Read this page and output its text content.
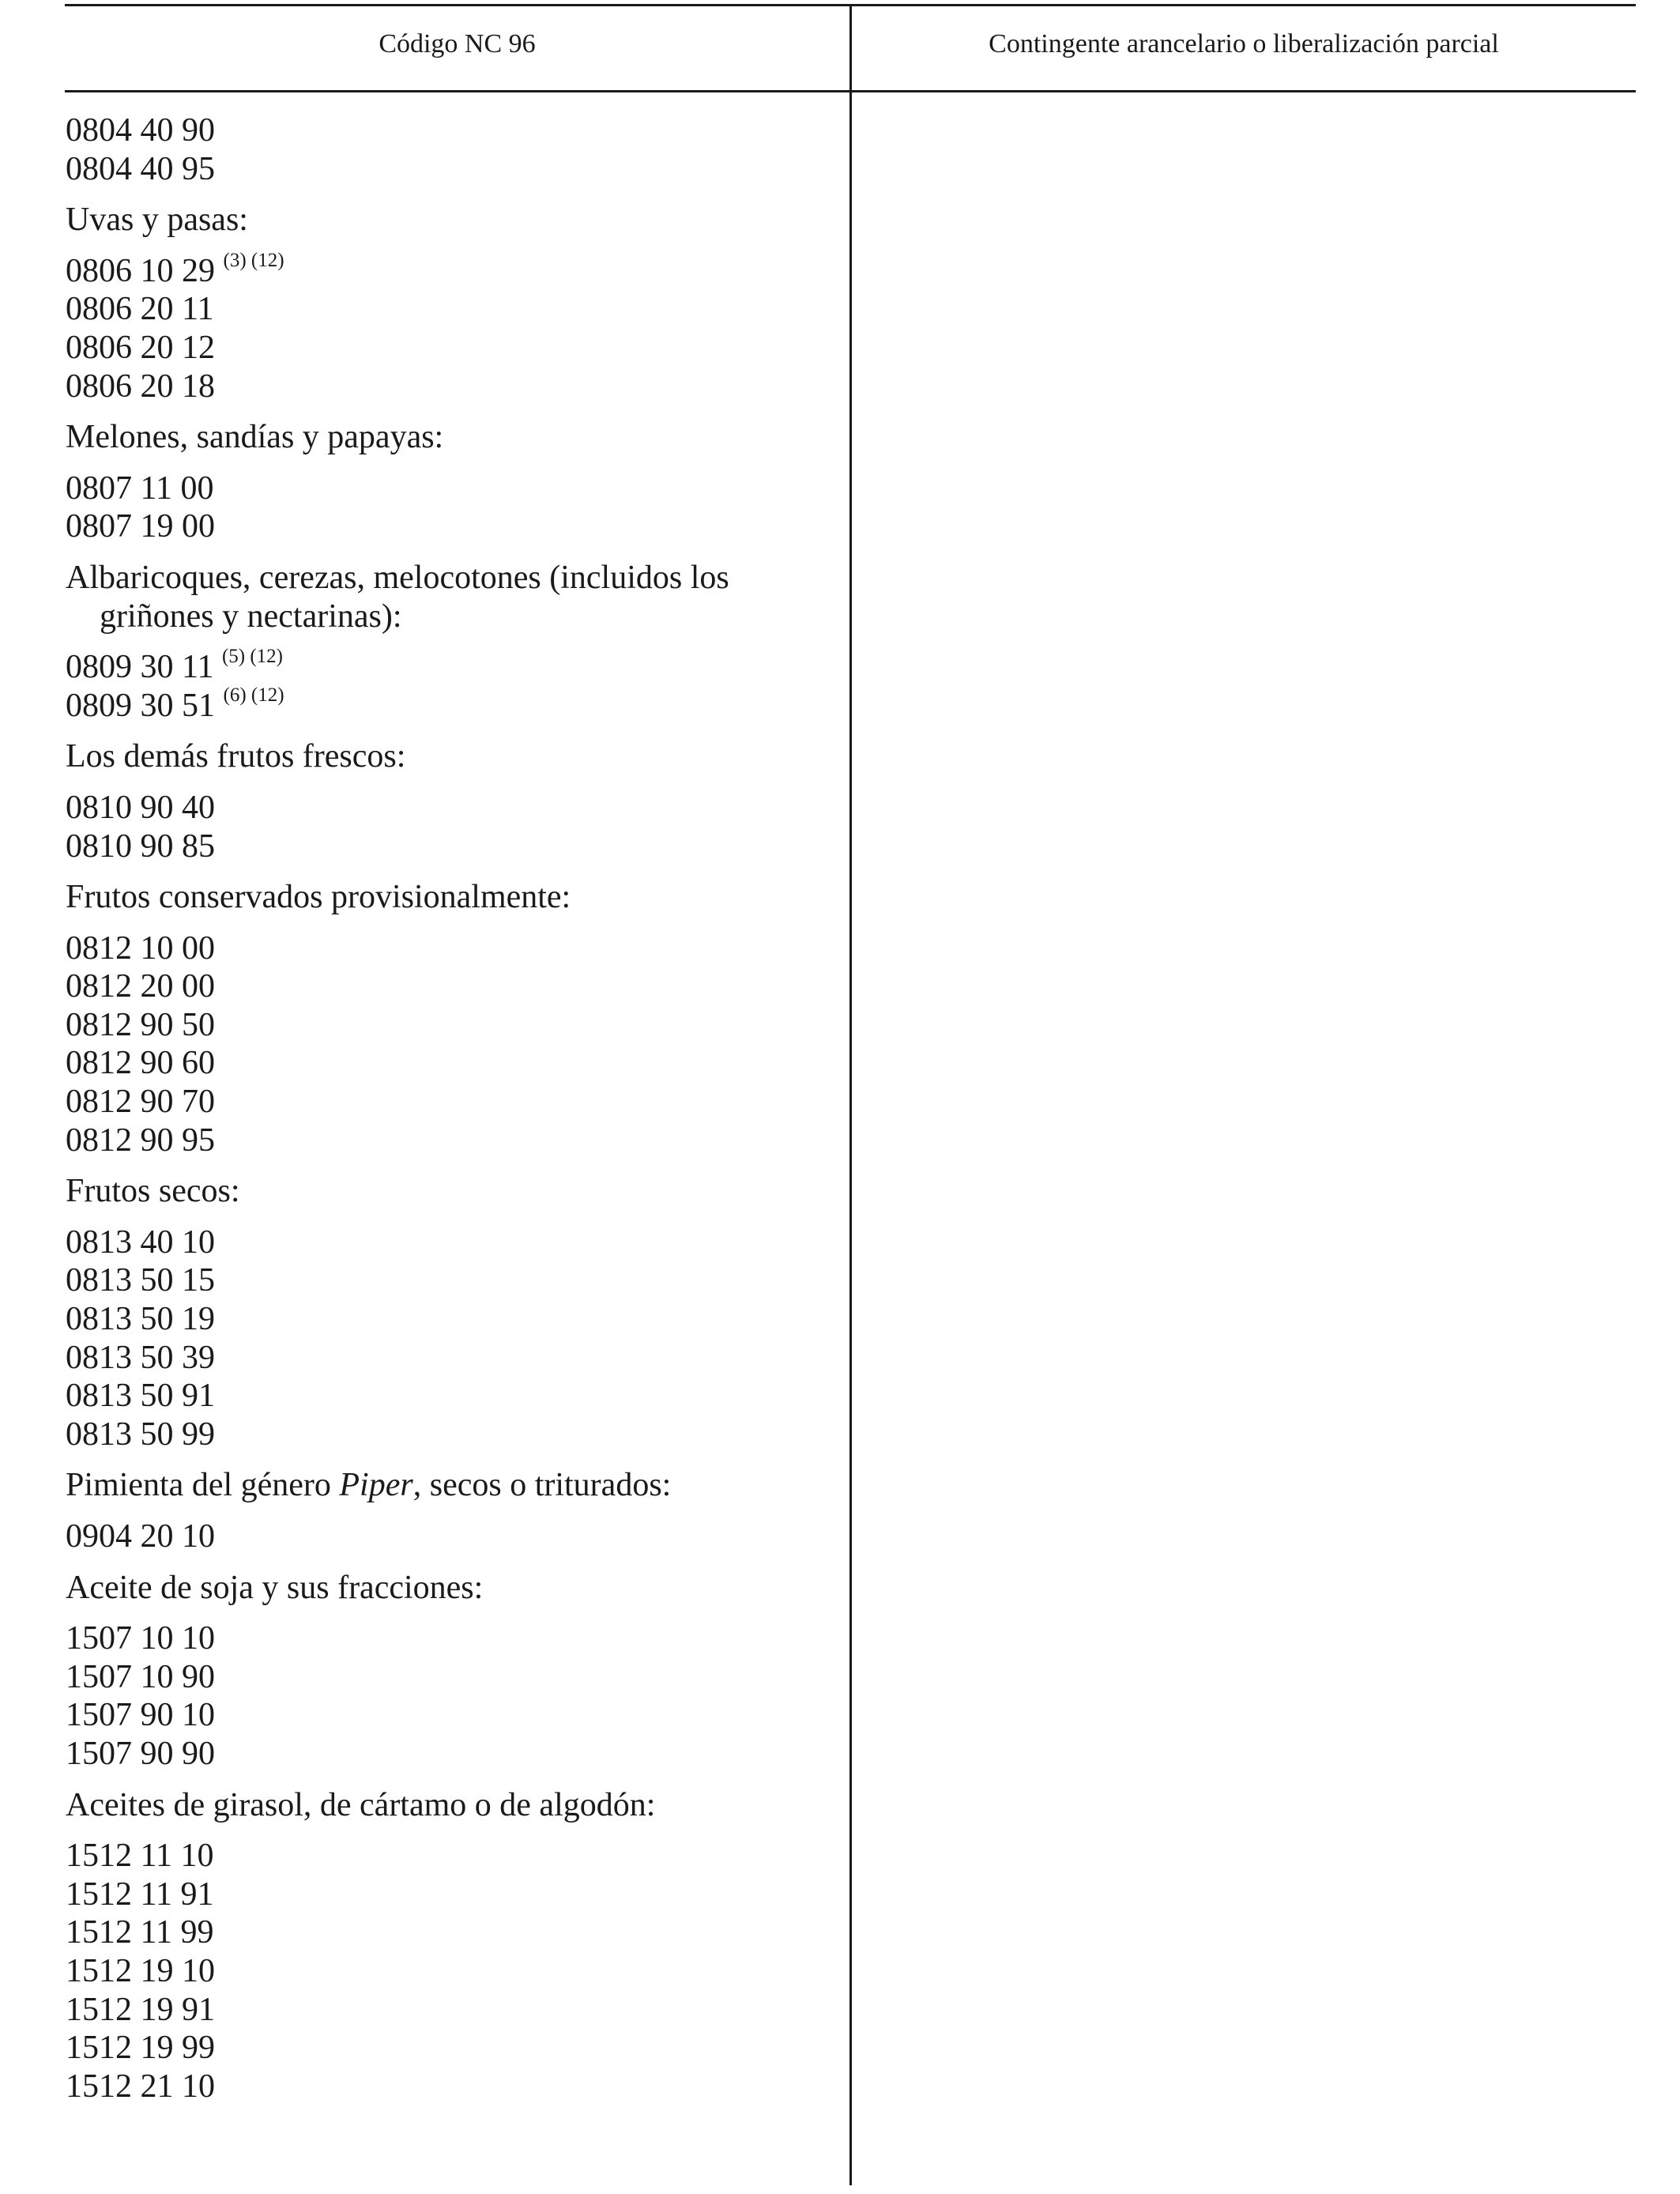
Código NC 96	Contingente arancelario o liberalización parcial
0804 40 90
0804 40 95
Uvas y pasas:
0806 10 29 $^{(3) (12)}$
0806 20 11
0806 20 12
0806 20 18
Melones, sandías y papayas:
0807 11 00
0807 19 00
Albaricoques, cerezas, melocotones (incluidos los griñones y nectarinas):
0809 30 11 $^{(5) (12)}$
0809 30 51 $^{(6) (12)}$
Los demás frutos frescos:
0810 90 40
0810 90 85
Frutos conservados provisionalmente:
0812 10 00
0812 20 00
0812 90 50
0812 90 60
0812 90 70
0812 90 95
Frutos secos:
0813 40 10
0813 50 15
0813 50 19
0813 50 39
0813 50 91
0813 50 99
Pimienta del género Piper, secos o triturados:
0904 20 10
Aceite de soja y sus fracciones:
1507 10 10
1507 10 90
1507 90 10
1507 90 90
Aceites de girasol, de cártamo o de algodón:
1512 11 10
1512 11 91
1512 11 99
1512 19 10
1512 19 91
1512 19 99
1512 21 10
